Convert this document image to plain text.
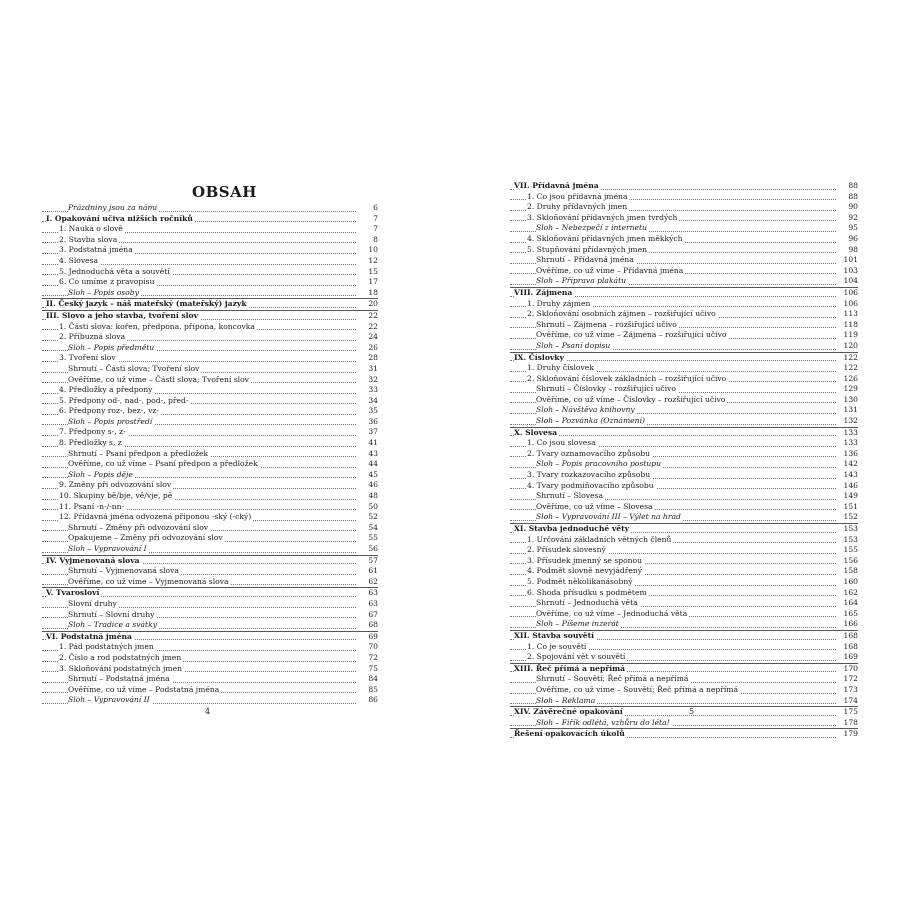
OBSAH
Prázdniny jsou za námi	6
I. Opakování učiva nižších ročníků	7
1. Nauka o slově	7
2. Stavba slova	8
3. Podstatná jména	10
4. Slovesa	12
5. Jednoduchá věta a souvětí	15
6. Co umíme z pravopisu	17
Sloh – Popis osoby	18
II. Český jazyk – náš mateřský (mateřský) jazyk	20
III. Slovo a jeho stavba, tvoření slov	22
1. Části slova: kořen, předpona, přípona, koncovka	22
2. Příbuzná slova	24
Sloh – Popis předmětu	26
3. Tvoření slov	28
Shrnutí – Části slova; Tvoření slov	31
Ověříme, co už víme – Části slova; Tvoření slov	32
4. Předložky a předpony	33
5. Předpony od-, nad-, pod-, před-	34
6. Předpony roz-, bez-, vz-	35
Sloh – Popis prostředí	36
7. Předpony s-, z-	37
8. Předložky s, z	41
Shrnutí – Psaní předpon a předložek	43
Ověříme, co už víme – Psaní předpon a předložek	44
Sloh – Popis děje	45
9. Změny při odvozování slov	46
10. Skupiny bě/bje, vě/vje, pě	48
11. Psaní -n-/-nn-	50
12. Přídavná jména odvozená příponou -ský (-cký)	52
Shrnutí – Změny při odvozování slov	54
Opakujeme – Změny při odvozování slov	55
Sloh – Vypravování I	56
IV. Vyjmenovaná slova	57
Shrnutí – Vyjmenovaná slova	61
Ověříme, co už víme – Vyjmenovaná slova	62
V. Tvarosloví	63
Slovní druhy	63
Shrnutí – Slovní druhy	67
Sloh – Tradice a svátky	68
VI. Podstatná jména	69
1. Pád podstatných jmen	70
2. Číslo a rod podstatných jmen	72
3. Skloňování podstatných jmen	75
Shrnutí – Podstatná jména	84
Ověříme, co už víme – Podstatná jména	85
Sloh – Vypravování II	86
4
VII. Přídavná jména	88
1. Co jsou přídavná jména	88
2. Druhy přídavných jmen	90
3. Skloňování přídavných jmen tvrdých	92
Sloh – Nebezpečí z internetu	95
4. Skloňování přídavných jmen měkkých	96
5. Stupňování přídavných jmen	98
Shrnutí – Přídavná jména	101
Ověříme, co už víme – Přídavná jména	103
Sloh – Příprava plakátu	104
VIII. Zájmena	106
1. Druhy zájmen	106
2. Skloňování osobních zájmen – rozšiřující učivo	113
Shrnutí – Zájmena – rozšiřující učivo	118
Ověříme, co už víme – Zájmena – rozšiřující učivo	119
Sloh – Psaní dopisu	120
IX. Číslovky	122
1. Druhy číslovek	122
2. Skloňování číslovek základních – rozšiřující učivo	126
Shrnutí – Číslovky – rozšiřující učivo	129
Ověříme, co už víme – Číslovky – rozšiřující učivo	130
Sloh – Návštěva knihovny	131
Sloh – Pozvánka (Oznámení)	132
X. Slovesa	133
1. Co jsou slovesa	133
2. Tvary oznamovacího způsobu	136
Sloh – Popis pracovního postupu	142
3. Tvary rozkazovacího způsobu	143
4. Tvary podmiňovacího způsobu	146
Shrnutí – Slovesa	149
Ověříme, co už víme – Slovesa	151
Sloh – Vypravování III – Výlet na hrad	152
XI. Stavba jednoduché věty	153
1. Určování základních větných členů	153
2. Přísudek slovesný	155
3. Přísudek jmenný se sponou	156
4. Podmět slovně nevyjádřený	158
5. Podmět několikanásobný	160
6. Shoda přísudku s podmětem	162
Shrnutí – Jednoduchá věta	164
Ověříme, co už víme – Jednoduchá věta	165
Sloh – Píšeme inzerát	166
XII. Stavba souvětí	168
1. Co je souvětí	168
2. Spojování vět v souvětí	169
XIII. Řeč přímá a nepřímá	170
Shrnutí – Souvětí; Řeč přímá a nepřímá	172
Ověříme, co už víme – Souvětí; Řeč přímá a nepřímá	173
Sloh – Reklama	174
XIV. Závěrečné opakování	175
Sloh – Fiřík odlétá, vzhůru do léta!	178
Řešení opakovacích úkolů	179
5
